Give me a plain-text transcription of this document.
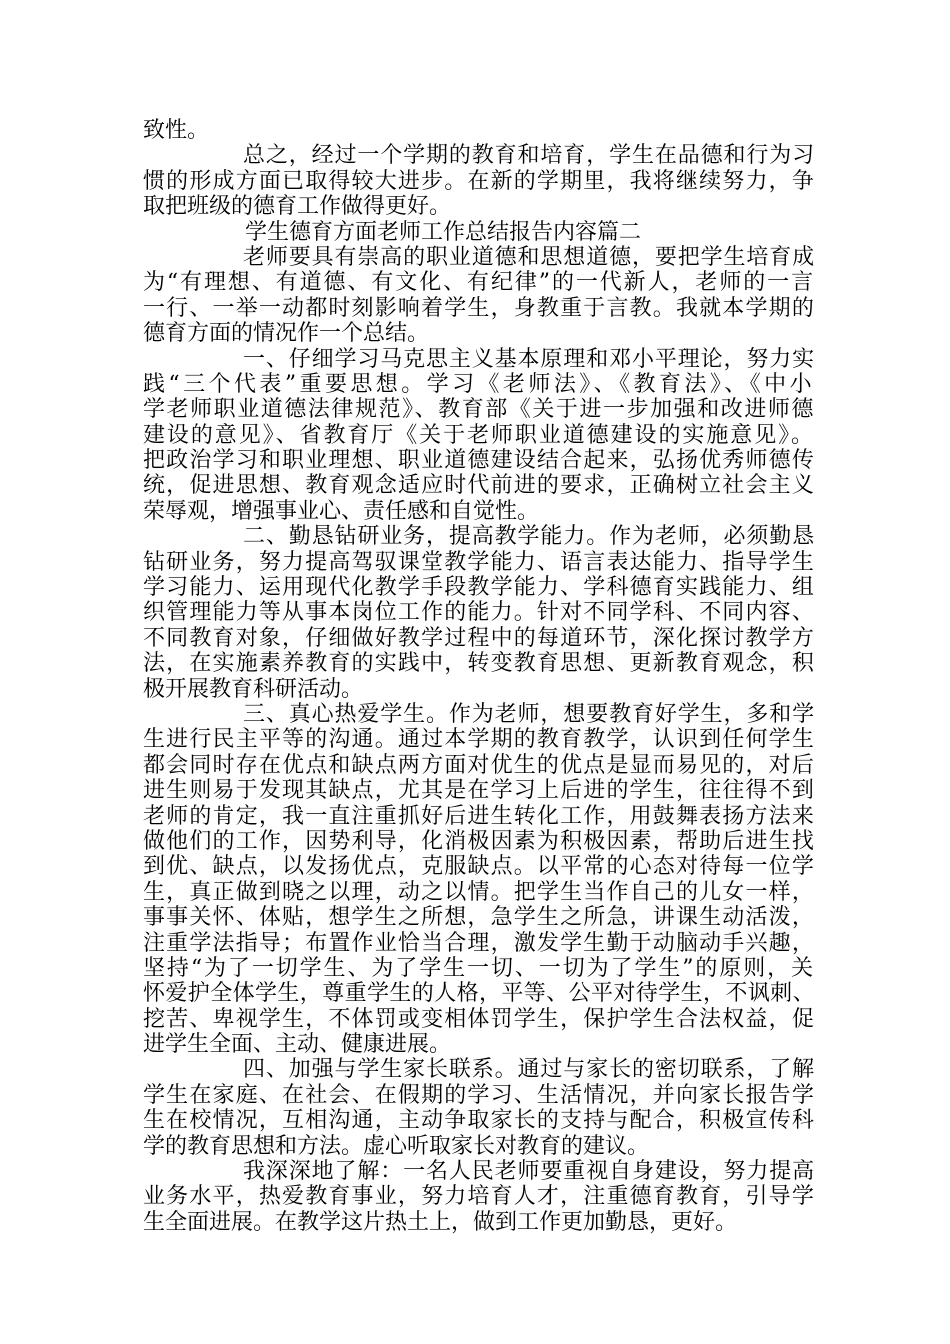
致性。
总之，经过一个学期的教育和培育，学生在品德和行为习
惯的形成方面已取得较大进步。在新的学期里，我将继续努力，争
取把班级的德育工作做得更好。
学生德育方面老师工作总结报告内容篇二
老师要具有崇高的职业道德和思想道德，要把学生培育成
为“有理想、有道德、有文化、有纪律”的一代新人，老师的一言
一行、一举一动都时刻影响着学生，身教重于言教。我就本学期的
德育方面的情况作一个总结。
一、仔细学习马克思主义基本原理和邓小平理论，努力实
践“三个代表”重要思想。学习《老师法》、《教育法》、《中小
学老师职业道德法律规范》、教育部《关于进一步加强和改进师德
建设的意见》、省教育厅《关于老师职业道德建设的实施意见》。
把政治学习和职业理想、职业道德建设结合起来，弘扬优秀师德传
统，促进思想、教育观念适应时代前进的要求，正确树立社会主义
荣辱观，增强事业心、责任感和自觉性。
二、勤恳钻研业务，提高教学能力。作为老师，必须勤恳
钻研业务，努力提高驾驭课堂教学能力、语言表达能力、指导学生
学习能力、运用现代化教学手段教学能力、学科德育实践能力、组
织管理能力等从事本岗位工作的能力。针对不同学科、不同内容、
不同教育对象，仔细做好教学过程中的每道环节，深化探讨教学方
法，在实施素养教育的实践中，转变教育思想、更新教育观念，积
极开展教育科研活动。
三、真心热爱学生。作为老师，想要教育好学生，多和学
生进行民主平等的沟通。通过本学期的教育教学，认识到任何学生
都会同时存在优点和缺点两方面对优生的优点是显而易见的，对后
进生则易于发现其缺点，尤其是在学习上后进的学生，往往得不到
老师的肯定，我一直注重抓好后进生转化工作，用鼓舞表扬方法来
做他们的工作，因势利导，化消极因素为积极因素，帮助后进生找
到优、缺点，以发扬优点，克服缺点。以平常的心态对待每一位学
生，真正做到晓之以理，动之以情。把学生当作自己的儿女一样，
事事关怀、体贴，想学生之所想，急学生之所急，讲课生动活泼，
注重学法指导；布置作业恰当合理，激发学生勤于动脑动手兴趣，
坚持“为了一切学生、为了学生一切、一切为了学生”的原则，关
怀爱护全体学生，尊重学生的人格，平等、公平对待学生，不讽刺、
挖苦、卑视学生，不体罚或变相体罚学生，保护学生合法权益，促
进学生全面、主动、健康进展。
四、加强与学生家长联系。通过与家长的密切联系，了解
学生在家庭、在社会、在假期的学习、生活情况，并向家长报告学
生在校情况，互相沟通，主动争取家长的支持与配合，积极宣传科
学的教育思想和方法。虚心听取家长对教育的建议。
我深深地了解：一名人民老师要重视自身建设，努力提高
业务水平，热爱教育事业，努力培育人才，注重德育教育，引导学
生全面进展。在教学这片热土上，做到工作更加勤恳，更好。
